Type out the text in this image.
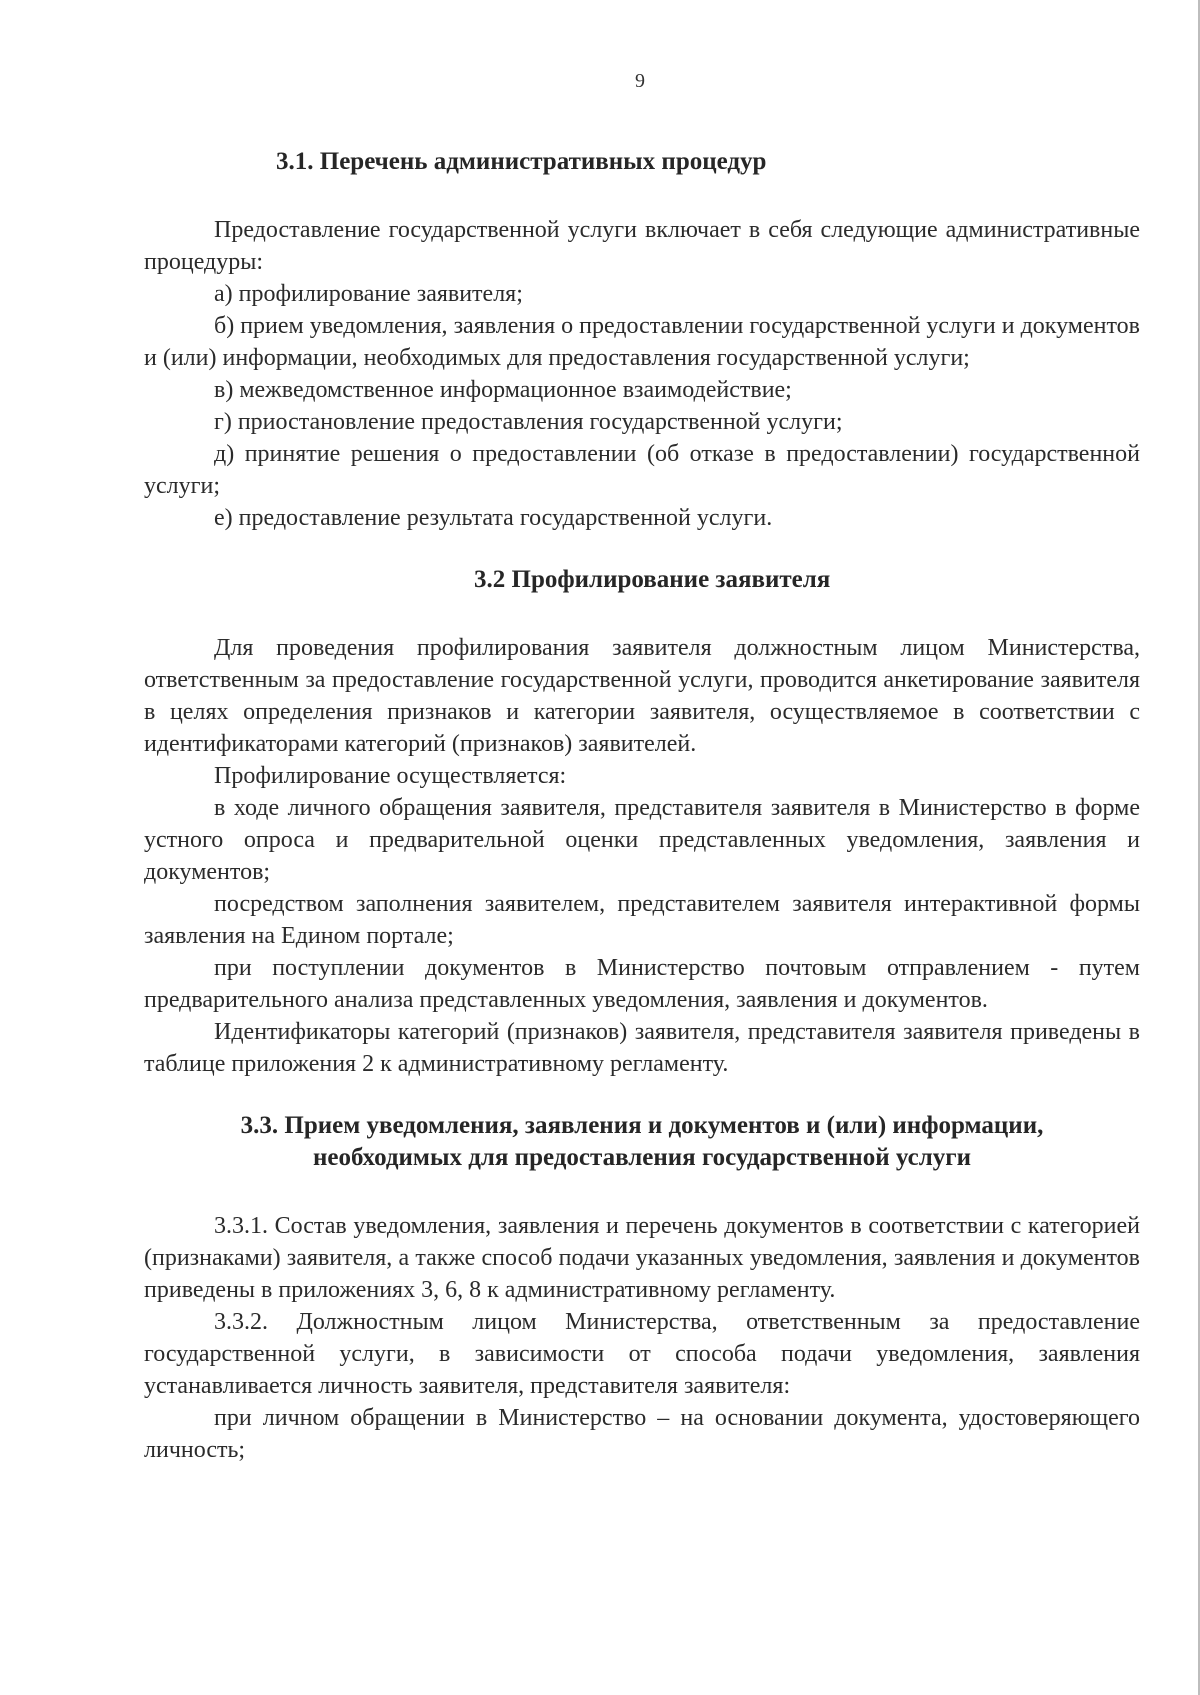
9
3.1. Перечень административных процедур

Предоставление государственной услуги включает в себя следующие административные процедуры:

а) профилирование заявителя;

б) прием уведомления, заявления о предоставлении государственной услуги и документов и (или) информации, необходимых для предоставления государственной услуги;

в) межведомственное информационное взаимодействие;

г) приостановление предоставления государственной услуги;

д) принятие решения о предоставлении (об отказе в предоставлении) государственной услуги;

е) предоставление результата государственной услуги.

3.2 Профилирование заявителя

Для проведения профилирования заявителя должностным лицом Министерства, ответственным за предоставление государственной услуги, проводится анкетирование заявителя в целях определения признаков и категории заявителя, осуществляемое в соответствии с идентификаторами категорий (признаков) заявителей.

Профилирование осуществляется:

в ходе личного обращения заявителя, представителя заявителя в Министерство в форме устного опроса и предварительной оценки представленных уведомления, заявления и документов;

посредством заполнения заявителем, представителем заявителя интерактивной формы заявления на Едином портале;

при поступлении документов в Министерство почтовым отправлением - путем предварительного анализа представленных уведомления, заявления и документов.

Идентификаторы категорий (признаков) заявителя, представителя заявителя приведены в таблице приложения 2 к административному регламенту.

3.3. Прием уведомления, заявления и документов и (или) информации,
необходимых для предоставления государственной услуги

3.3.1. Состав уведомления, заявления и перечень документов в соответствии с категорией (признаками) заявителя, а также способ подачи указанных уведомления, заявления и документов приведены в приложениях 3, 6, 8 к административному регламенту.

3.3.2. Должностным лицом Министерства, ответственным за предоставление государственной услуги, в зависимости от способа подачи уведомления, заявления устанавливается личность заявителя, представителя заявителя:

при личном обращении в Министерство – на основании документа, удостоверяющего личность;
